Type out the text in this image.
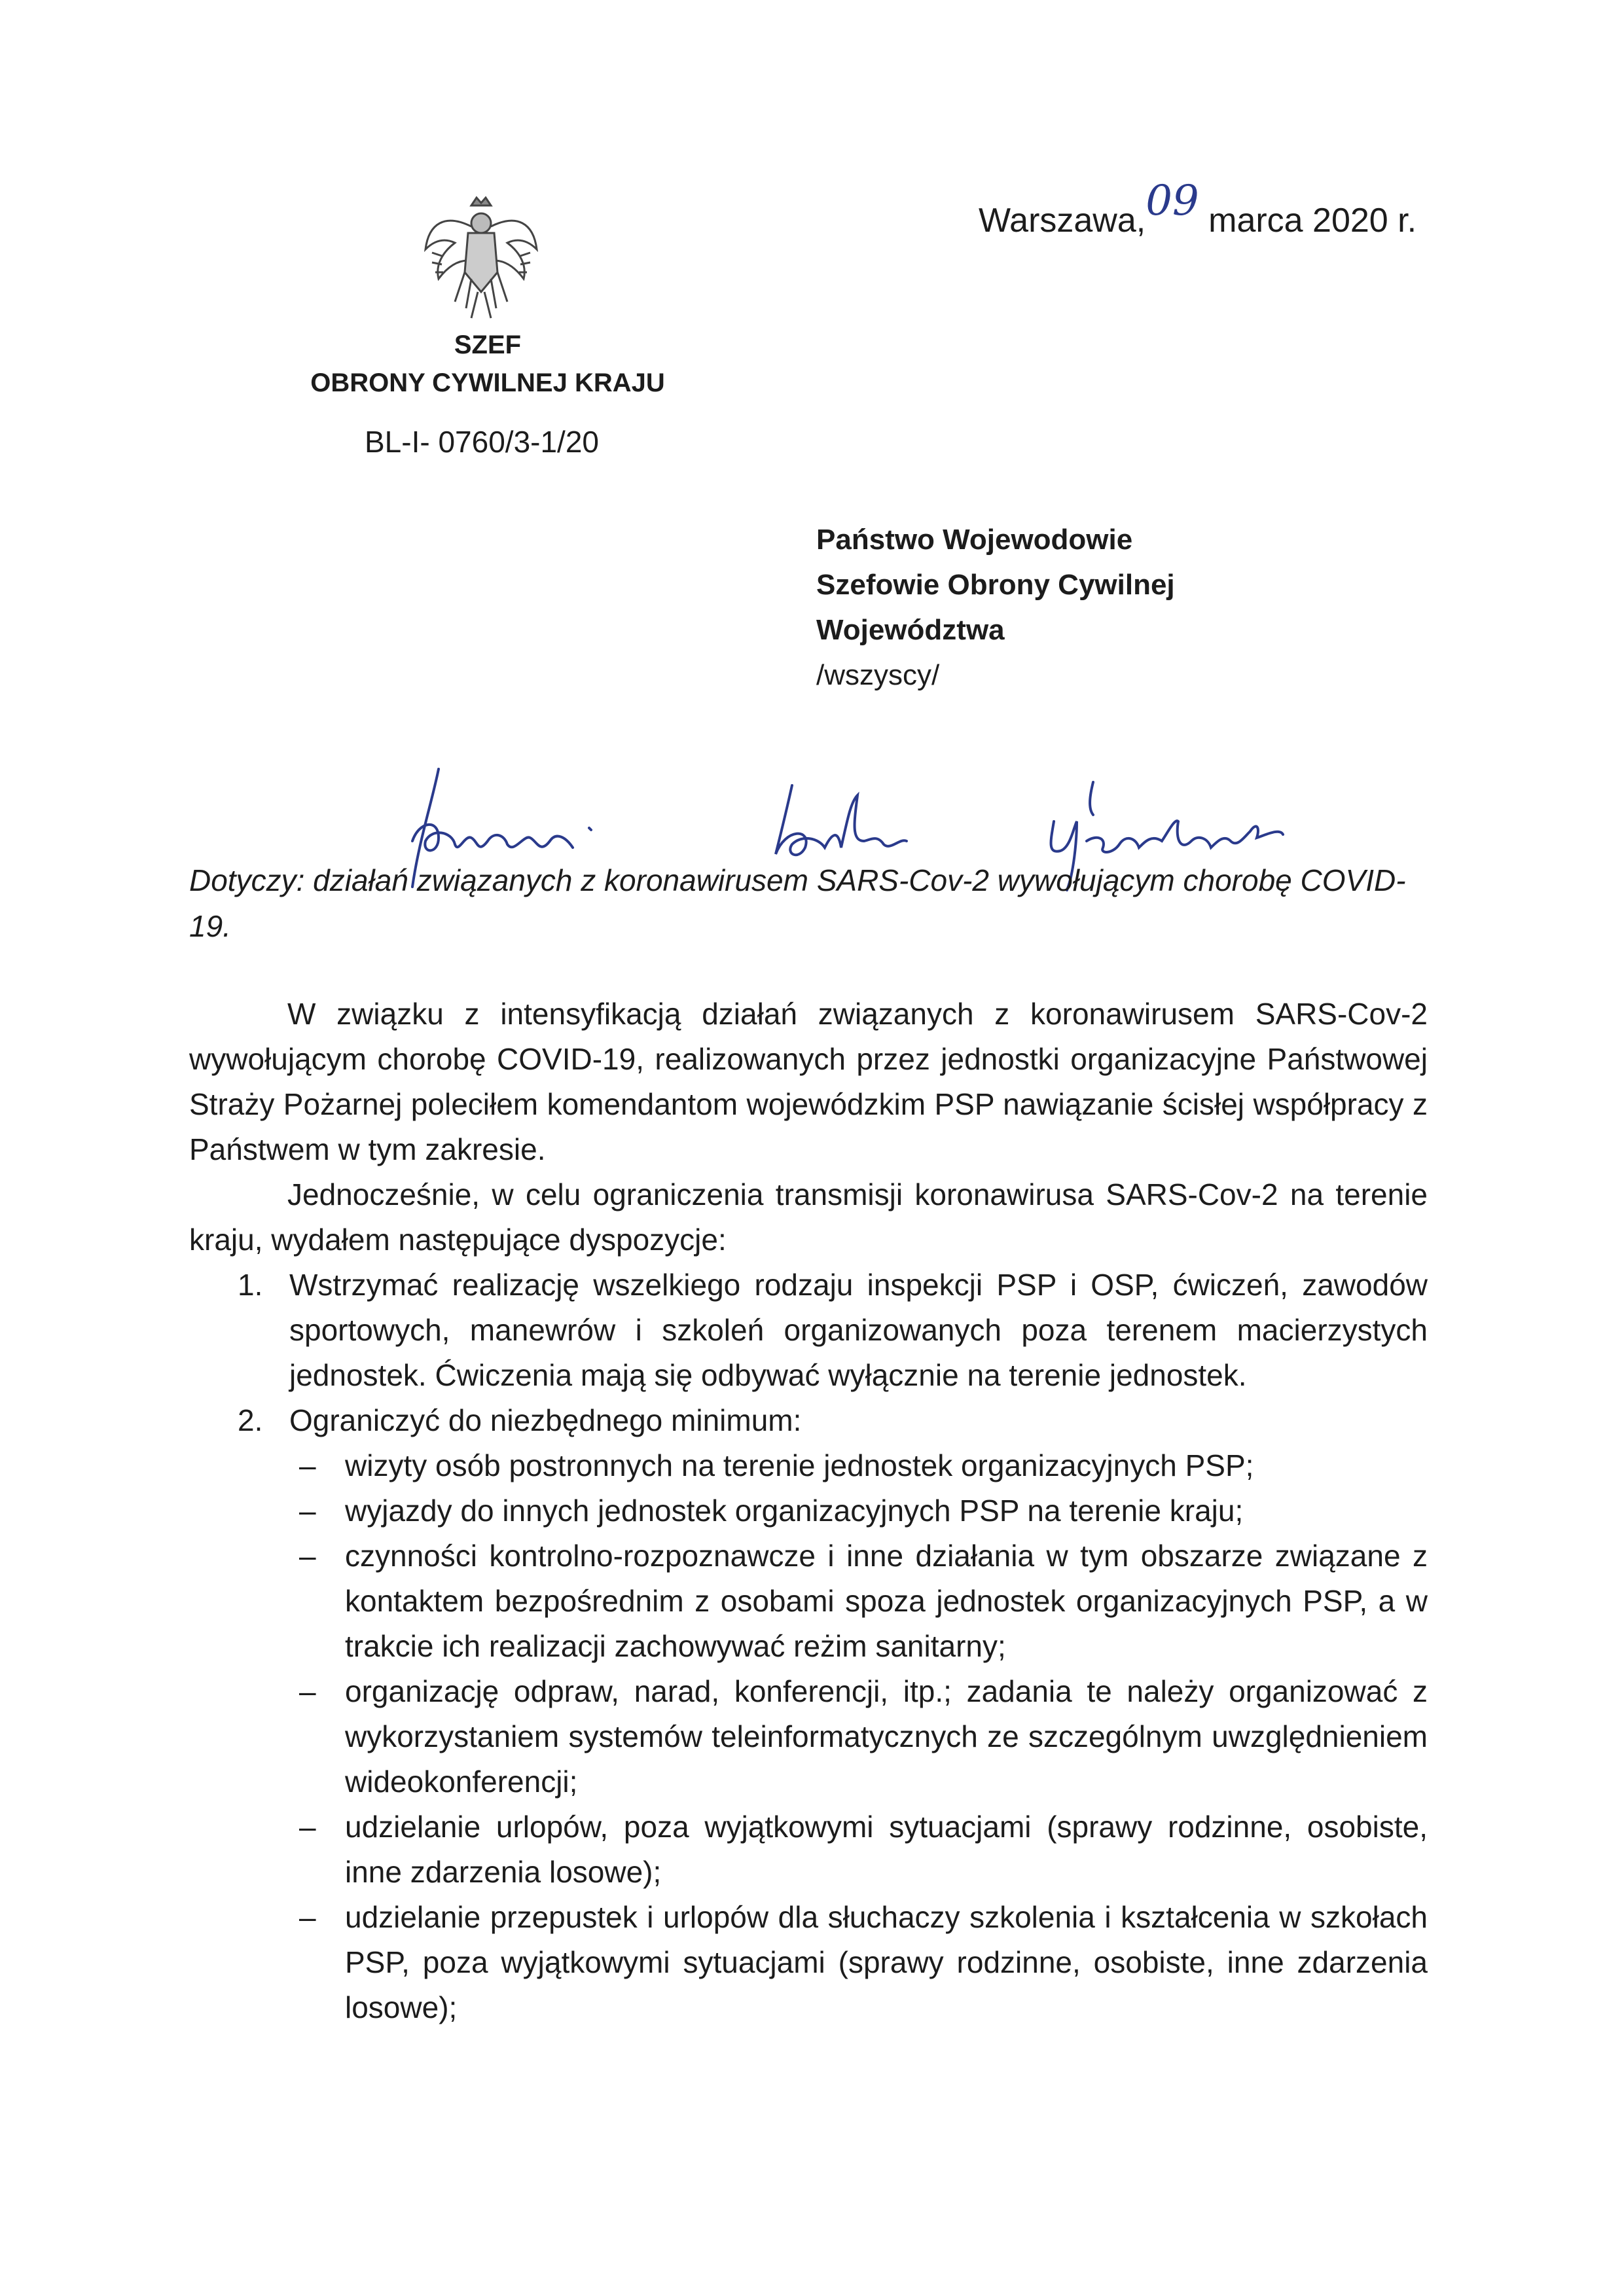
Warszawa,09 marca 2020 r.
SZEF
OBRONY CYWILNEJ KRAJU
BL-I- 0760/3-1/20
Państwo Wojewodowie
Szefowie Obrony Cywilnej
Województwa
/wszyscy/
Dotyczy: działań związanych z koronawirusem SARS-Cov-2 wywołującym chorobę COVID-19.

W związku z intensyfikacją działań związanych z koronawirusem SARS-Cov-2 wywołującym chorobę COVID-19, realizowanych przez jednostki organizacyjne Państwowej Straży Pożarnej poleciłem komendantom wojewódzkim PSP nawiązanie ścisłej współpracy z Państwem w tym zakresie.

Jednocześnie, w celu ograniczenia transmisji koronawirusa SARS-Cov-2 na terenie kraju, wydałem następujące dyspozycje:

1. Wstrzymać realizację wszelkiego rodzaju inspekcji PSP i OSP, ćwiczeń, zawodów sportowych, manewrów i szkoleń organizowanych poza terenem macierzystych jednostek. Ćwiczenia mają się odbywać wyłącznie na terenie jednostek.
2. Ograniczyć do niezbędnego minimum:
– wizyty osób postronnych na terenie jednostek organizacyjnych PSP;
– wyjazdy do innych jednostek organizacyjnych PSP na terenie kraju;
– czynności kontrolno-rozpoznawcze i inne działania w tym obszarze związane z kontaktem bezpośrednim z osobami spoza jednostek organizacyjnych PSP, a w trakcie ich realizacji zachowywać reżim sanitarny;
– organizację odpraw, narad, konferencji, itp.; zadania te należy organizować z wykorzystaniem systemów teleinformatycznych ze szczególnym uwzględnieniem wideokonferencji;
– udzielanie urlopów, poza wyjątkowymi sytuacjami (sprawy rodzinne, osobiste, inne zdarzenia losowe);
– udzielanie przepustek i urlopów dla słuchaczy szkolenia i kształcenia w szkołach PSP, poza wyjątkowymi sytuacjami (sprawy rodzinne, osobiste, inne zdarzenia losowe);
